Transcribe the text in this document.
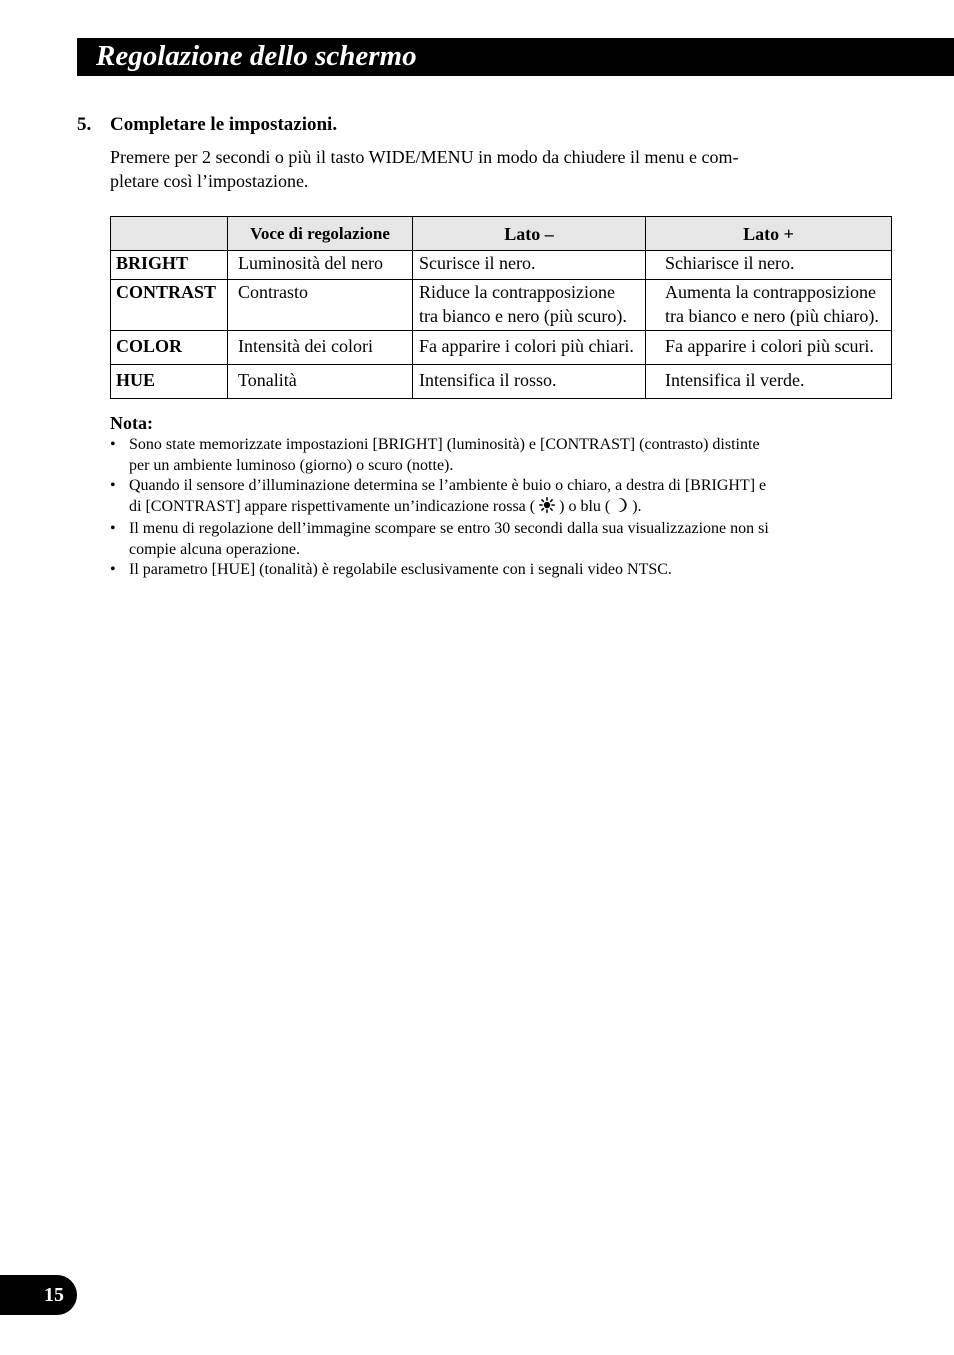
Regolazione dello schermo
5. Completare le impostazioni.
Premere per 2 secondi o più il tasto WIDE/MENU in modo da chiudere il menu e com-
pletare così l’impostazione.
	Voce di regolazione	Lato –	Lato +
BRIGHT	Luminosità del nero	Scurisce il nero.	Schiarisce il nero.
CONTRAST	Contrasto	Riduce la contrapposizione
tra bianco e nero (più scuro).	Aumenta la contrapposizione
tra bianco e nero (più chiaro).
COLOR	Intensità dei colori	Fa apparire i colori più chiari.	Fa apparire i colori più scuri.
HUE	Tonalità	Intensifica il rosso.	Intensifica il verde.
Nota:
• Sono state memorizzate impostazioni [BRIGHT] (luminosità) e [CONTRAST] (contrasto) distinte
per un ambiente luminoso (giorno) o scuro (notte).
• Quando il sensore d’illuminazione determina se l’ambiente è buio o chiaro, a destra di [BRIGHT] e
di [CONTRAST] appare rispettivamente un’indicazione rossa ( ) o blu ( ).
• Il menu di regolazione dell’immagine scompare se entro 30 secondi dalla sua visualizzazione non si
compie alcuna operazione.
• Il parametro [HUE] (tonalità) è regolabile esclusivamente con i segnali video NTSC.
15
